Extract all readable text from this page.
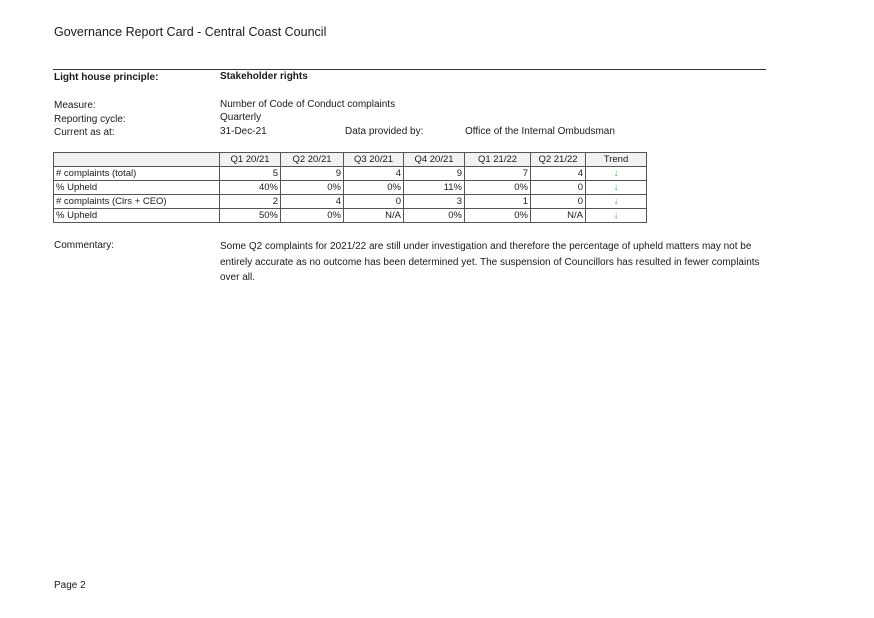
Governance Report Card - Central Coast Council
Light house principle:	Stakeholder rights
Measure:	Number of Code of Conduct complaints
Reporting cycle:	Quarterly
Current as at:	31-Dec-21	Data provided by:	Office of the Internal Ombudsman
	Q1 20/21	Q2 20/21	Q3 20/21	Q4 20/21	Q1 21/22	Q2 21/22	Trend
# complaints (total)	5	9	4	9	7	4	↓
% Upheld	40%	0%	0%	11%	0%	0	↓
# complaints (Clrs + CEO)	2	4	0	3	1	0	↓
% Upheld	50%	0%	N/A	0%	0%	N/A	↓
Commentary:	Some Q2 complaints for 2021/22 are still under investigation and therefore the percentage of upheld matters may not be entirely accurate as no outcome has been determined yet. The suspension of Councillors has resulted in fewer complaints over all.
Page 2
